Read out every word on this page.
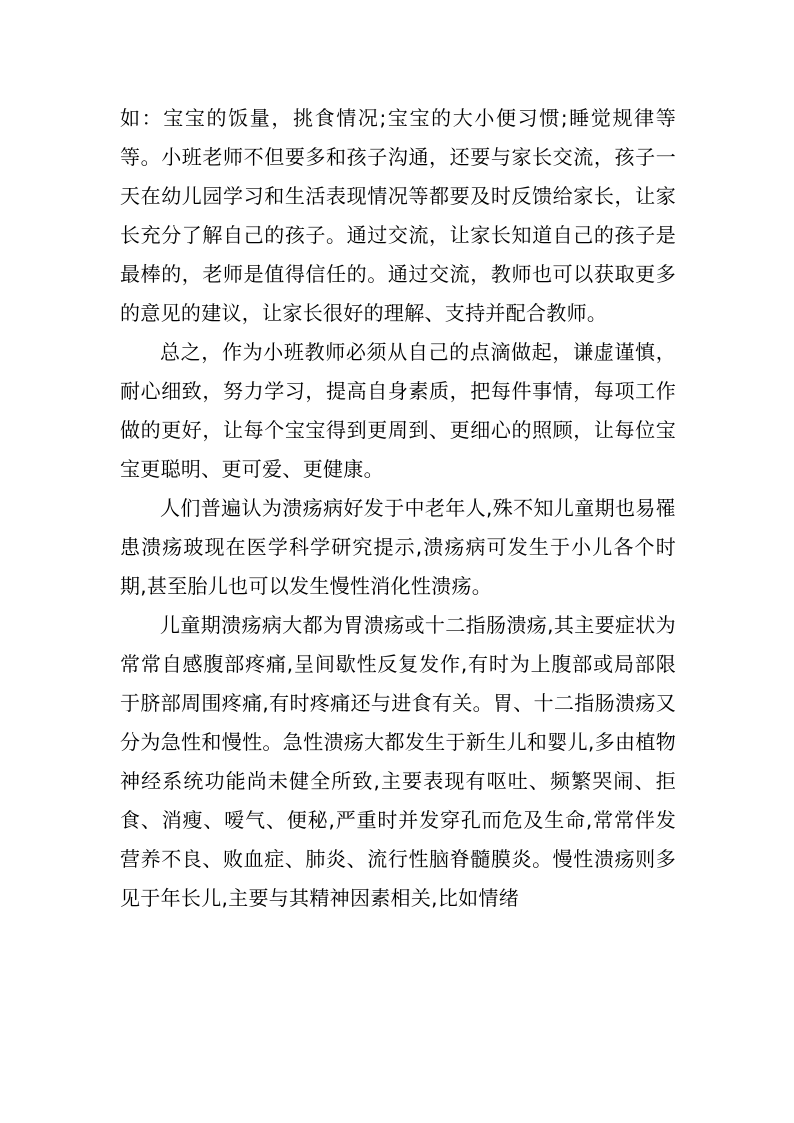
如：宝宝的饭量，挑食情况;宝宝的大小便习惯;睡觉规律等等。小班老师不但要多和孩子沟通，还要与家长交流，孩子一天在幼儿园学习和生活表现情况等都要及时反馈给家长，让家长充分了解自己的孩子。通过交流，让家长知道自己的孩子是最棒的，老师是值得信任的。通过交流，教师也可以获取更多的意见的建议，让家长很好的理解、支持并配合教师。

总之，作为小班教师必须从自己的点滴做起，谦虚谨慎，耐心细致，努力学习，提高自身素质，把每件事情，每项工作做的更好，让每个宝宝得到更周到、更细心的照顾，让每位宝宝更聪明、更可爱、更健康。

人们普遍认为溃疡病好发于中老年人,殊不知儿童期也易罹患溃疡玻现在医学科学研究提示,溃疡病可发生于小儿各个时期,甚至胎儿也可以发生慢性消化性溃疡。

儿童期溃疡病大都为胃溃疡或十二指肠溃疡,其主要症状为常常自感腹部疼痛,呈间歇性反复发作,有时为上腹部或局部限于脐部周围疼痛,有时疼痛还与进食有关。胃、十二指肠溃疡又分为急性和慢性。急性溃疡大都发生于新生儿和婴儿,多由植物神经系统功能尚未健全所致,主要表现有呕吐、频繁哭闹、拒食、消瘦、嗳气、便秘,严重时并发穿孔而危及生命,常常伴发营养不良、败血症、肺炎、流行性脑脊髓膜炎。慢性溃疡则多见于年长儿,主要与其精神因素相关,比如情绪
